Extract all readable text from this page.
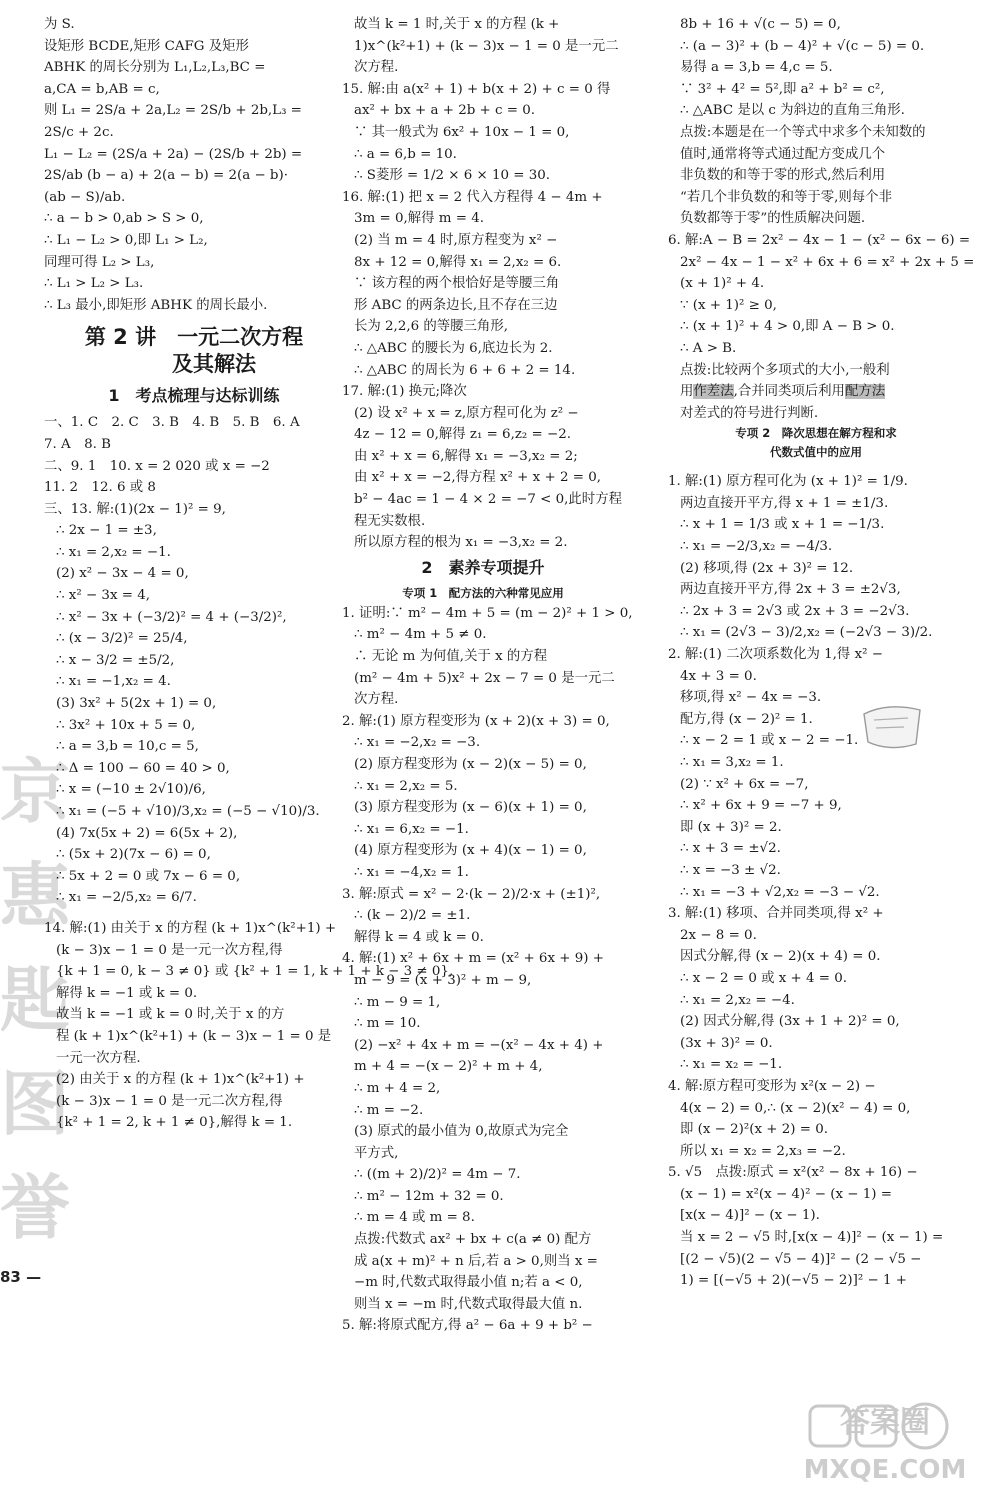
京
惠
匙
图
誉
83 —
为 S.
设矩形 BCDE,矩形 CAFG 及矩形
ABHK 的周长分别为 L₁,L₂,L₃,BC =
a,CA = b,AB = c,
则 L₁ = 2S/a + 2a,L₂ = 2S/b + 2b,L₃ =
2S/c + 2c.
L₁ − L₂ = (2S/a + 2a) − (2S/b + 2b) =
2S/ab (b − a) + 2(a − b) = 2(a − b)·
(ab − S)/ab.
∴ a − b > 0,ab > S > 0,
∴ L₁ − L₂ > 0,即 L₁ > L₂,
同理可得 L₂ > L₃,
∴ L₁ > L₂ > L₃.
∴ L₃ 最小,即矩形 ABHK 的周长最小.
第 2 讲　一元二次方程
及其解法
1　考点梳理与达标训练
一、1. C　2. C　3. B　4. B　5. B　6. A
7. A　8. B
二、9. 1　10. x = 2 020 或 x = −2
11. 2　12. 6 或 8
三、13. 解:(1)(2x − 1)² = 9,
∴ 2x − 1 = ±3,
∴ x₁ = 2,x₂ = −1.
(2) x² − 3x − 4 = 0,
∴ x² − 3x = 4,
∴ x² − 3x + (−3/2)² = 4 + (−3/2)²,
∴ (x − 3/2)² = 25/4,
∴ x − 3/2 = ±5/2,
∴ x₁ = −1,x₂ = 4.
(3) 3x² + 5(2x + 1) = 0,
∴ 3x² + 10x + 5 = 0,
∴ a = 3,b = 10,c = 5,
∴ Δ = 100 − 60 = 40 > 0,
∴ x = (−10 ± 2√10)/6,
∴ x₁ = (−5 + √10)/3,x₂ = (−5 − √10)/3.
(4) 7x(5x + 2) = 6(5x + 2),
∴ (5x + 2)(7x − 6) = 0,
∴ 5x + 2 = 0 或 7x − 6 = 0,
∴ x₁ = −2/5,x₂ = 6/7.
14. 解:(1) 由关于 x 的方程 (k + 1)x^(k²+1) +
(k − 3)x − 1 = 0 是一元一次方程,得
{k + 1 = 0, k − 3 ≠ 0} 或 {k² + 1 = 1, k + 1 + k − 3 ≠ 0},
解得 k = −1 或 k = 0.
故当 k = −1 或 k = 0 时,关于 x 的方
程 (k + 1)x^(k²+1) + (k − 3)x − 1 = 0 是
一元一次方程.
(2) 由关于 x 的方程 (k + 1)x^(k²+1) +
(k − 3)x − 1 = 0 是一元二次方程,得
{k² + 1 = 2, k + 1 ≠ 0},解得 k = 1.
故当 k = 1 时,关于 x 的方程 (k +
1)x^(k²+1) + (k − 3)x − 1 = 0 是一元二
次方程.
15. 解:由 a(x² + 1) + b(x + 2) + c = 0 得
ax² + bx + a + 2b + c = 0.
∵ 其一般式为 6x² + 10x − 1 = 0,
∴ a = 6,b = 10.
∴ S菱形 = 1/2 × 6 × 10 = 30.
16. 解:(1) 把 x = 2 代入方程得 4 − 4m +
3m = 0,解得 m = 4.
(2) 当 m = 4 时,原方程变为 x² −
8x + 12 = 0,解得 x₁ = 2,x₂ = 6.
∵ 该方程的两个根恰好是等腰三角
形 ABC 的两条边长,且不存在三边
长为 2,2,6 的等腰三角形,
∴ △ABC 的腰长为 6,底边长为 2.
∴ △ABC 的周长为 6 + 6 + 2 = 14.
17. 解:(1) 换元;降次
(2) 设 x² + x = z,原方程可化为 z² −
4z − 12 = 0,解得 z₁ = 6,z₂ = −2.
由 x² + x = 6,解得 x₁ = −3,x₂ = 2;
由 x² + x = −2,得方程 x² + x + 2 = 0,
b² − 4ac = 1 − 4 × 2 = −7 < 0,此时方程
程无实数根.
所以原方程的根为 x₁ = −3,x₂ = 2.
2　素养专项提升
专项 1　配方法的六种常见应用
1. 证明:∵ m² − 4m + 5 = (m − 2)² + 1 > 0,
∴ m² − 4m + 5 ≠ 0.
∴ 无论 m 为何值,关于 x 的方程
(m² − 4m + 5)x² + 2x − 7 = 0 是一元二
次方程.
2. 解:(1) 原方程变形为 (x + 2)(x + 3) = 0,
∴ x₁ = −2,x₂ = −3.
(2) 原方程变形为 (x − 2)(x − 5) = 0,
∴ x₁ = 2,x₂ = 5.
(3) 原方程变形为 (x − 6)(x + 1) = 0,
∴ x₁ = 6,x₂ = −1.
(4) 原方程变形为 (x + 4)(x − 1) = 0,
∴ x₁ = −4,x₂ = 1.
3. 解:原式 = x² − 2·(k − 2)/2·x + (±1)²,
∴ (k − 2)/2 = ±1.
解得 k = 4 或 k = 0.
4. 解:(1) x² + 6x + m = (x² + 6x + 9) +
m − 9 = (x + 3)² + m − 9,
∴ m − 9 = 1,
∴ m = 10.
(2) −x² + 4x + m = −(x² − 4x + 4) +
m + 4 = −(x − 2)² + m + 4,
∴ m + 4 = 2,
∴ m = −2.
(3) 原式的最小值为 0,故原式为完全
平方式,
∴ ((m + 2)/2)² = 4m − 7.
∴ m² − 12m + 32 = 0.
∴ m = 4 或 m = 8.
点拨:代数式 ax² + bx + c(a ≠ 0) 配方
成 a(x + m)² + n 后,若 a > 0,则当 x =
−m 时,代数式取得最小值 n;若 a < 0,
则当 x = −m 时,代数式取得最大值 n.
5. 解:将原式配方,得 a² − 6a + 9 + b² −
8b + 16 + √(c − 5) = 0,
∴ (a − 3)² + (b − 4)² + √(c − 5) = 0.
易得 a = 3,b = 4,c = 5.
∵ 3² + 4² = 5²,即 a² + b² = c²,
∴ △ABC 是以 c 为斜边的直角三角形.
点拨:本题是在一个等式中求多个未知数的
值时,通常将等式通过配方变成几个
非负数的和等于零的形式,然后利用
“若几个非负数的和等于零,则每个非
负数都等于零”的性质解决问题.
6. 解:A − B = 2x² − 4x − 1 − (x² − 6x − 6) =
2x² − 4x − 1 − x² + 6x + 6 = x² + 2x + 5 =
(x + 1)² + 4.
∵ (x + 1)² ≥ 0,
∴ (x + 1)² + 4 > 0,即 A − B > 0.
∴ A > B.
点拨:比较两个多项式的大小,一般利
用作差法,合并同类项后利用配方法
对差式的符号进行判断.
专项 2　降次思想在解方程和求
代数式值中的应用
1. 解:(1) 原方程可化为 (x + 1)² = 1/9.
两边直接开平方,得 x + 1 = ±1/3.
∴ x + 1 = 1/3 或 x + 1 = −1/3.
∴ x₁ = −2/3,x₂ = −4/3.
(2) 移项,得 (2x + 3)² = 12.
两边直接开平方,得 2x + 3 = ±2√3,
∴ 2x + 3 = 2√3 或 2x + 3 = −2√3.
∴ x₁ = (2√3 − 3)/2,x₂ = (−2√3 − 3)/2.
2. 解:(1) 二次项系数化为 1,得 x² −
4x + 3 = 0.
移项,得 x² − 4x = −3.
配方,得 (x − 2)² = 1.
∴ x − 2 = 1 或 x − 2 = −1.
∴ x₁ = 3,x₂ = 1.
(2) ∵ x² + 6x = −7,
∴ x² + 6x + 9 = −7 + 9,
即 (x + 3)² = 2.
∴ x + 3 = ±√2.
∴ x = −3 ± √2.
∴ x₁ = −3 + √2,x₂ = −3 − √2.
3. 解:(1) 移项、合并同类项,得 x² +
2x − 8 = 0.
因式分解,得 (x − 2)(x + 4) = 0.
∴ x − 2 = 0 或 x + 4 = 0.
∴ x₁ = 2,x₂ = −4.
(2) 因式分解,得 (3x + 1 + 2)² = 0,
(3x + 3)² = 0.
∴ x₁ = x₂ = −1.
4. 解:原方程可变形为 x²(x − 2) −
4(x − 2) = 0,∴ (x − 2)(x² − 4) = 0,
即 (x − 2)²(x + 2) = 0.
所以 x₁ = x₂ = 2,x₃ = −2.
5. √5　点拨:原式 = x²(x² − 8x + 16) −
(x − 1) = x²(x − 4)² − (x − 1) =
[x(x − 4)]² − (x − 1).
当 x = 2 − √5 时,[x(x − 4)]² − (x − 1) =
[(2 − √5)(2 − √5 − 4)]² − (2 − √5 −
1) = [(−√5 + 2)(−√5 − 2)]² − 1 +
答案圈
MXQE.COM
